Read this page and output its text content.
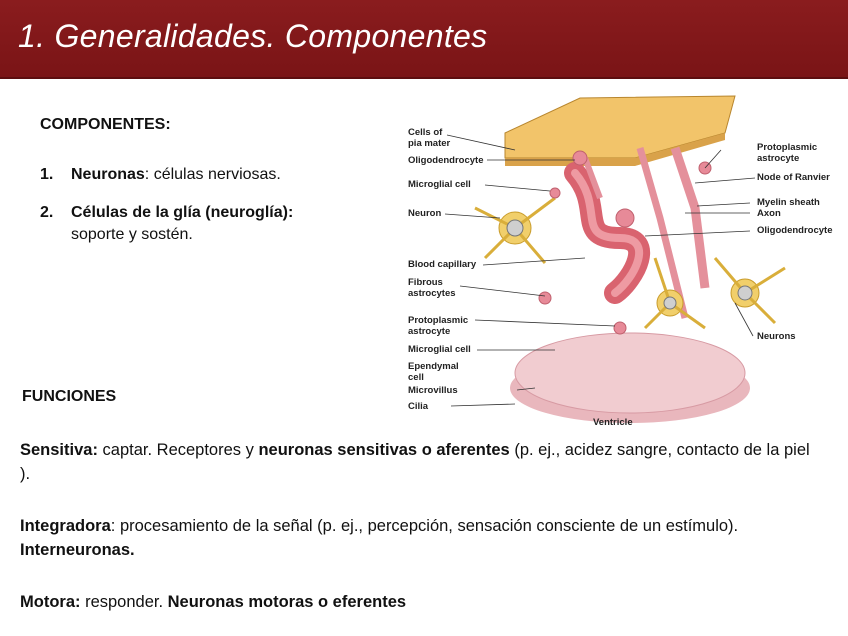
1. Generalidades. Componentes
COMPONENTES:
1.	Neuronas: células nerviosas.
2.	Células de la glía (neuroglía):
soporte y sostén.
Cells of
pia mater
Oligodendrocyte
Microglial cell
Neuron
Blood capillary
Fibrous
astrocytes
Protoplasmic
astrocyte
Microglial cell
Ependymal
cell
Microvillus
Cilia
Protoplasmic
astrocyte
Node of Ranvier
Myelin sheath
Axon
Oligodendrocyte
Neurons
Ventricle
FUNCIONES
Sensitiva: captar. Receptores y neuronas sensitivas o aferentes (p. ej., acidez sangre, contacto de la piel ).
Integradora: procesamiento de la señal (p. ej., percepción, sensación consciente de un estímulo). Interneuronas.
Motora: responder. Neuronas motoras o eferentes
